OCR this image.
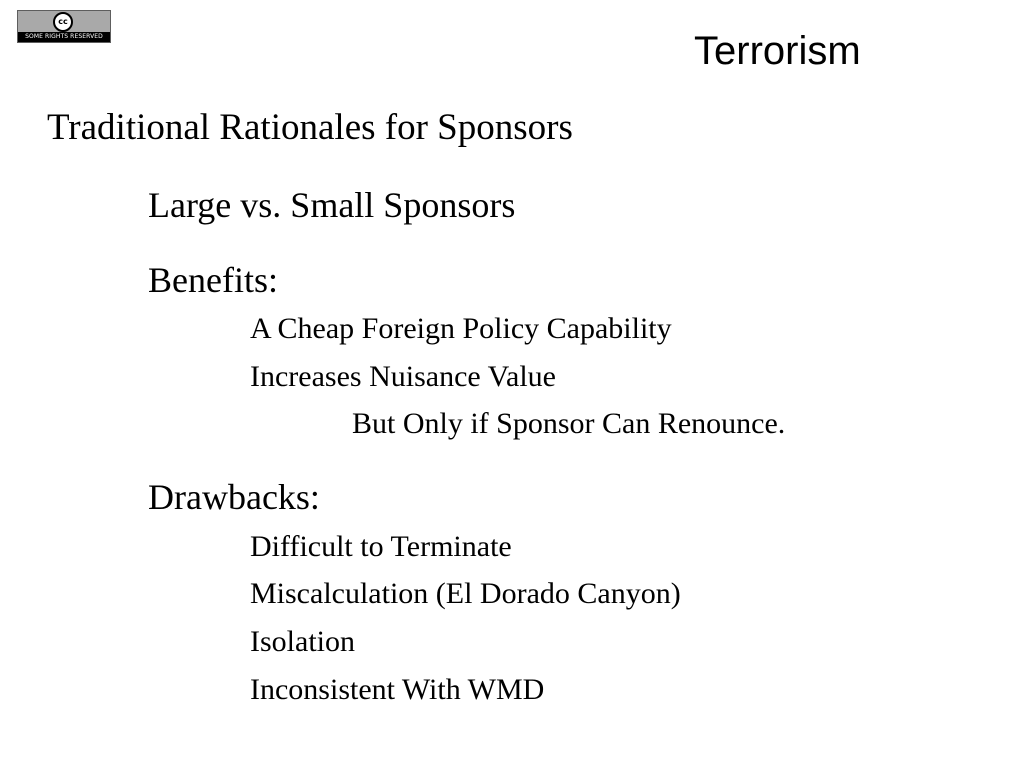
cc
SOME RIGHTS RESERVED	Terrorism
Traditional Rationales for Sponsors
Large vs. Small Sponsors
Benefits:
A Cheap Foreign Policy Capability
Increases Nuisance Value
But Only if Sponsor Can Renounce.
Drawbacks:
Difficult to Terminate
Miscalculation (El Dorado Canyon)
Isolation
Inconsistent With WMD
